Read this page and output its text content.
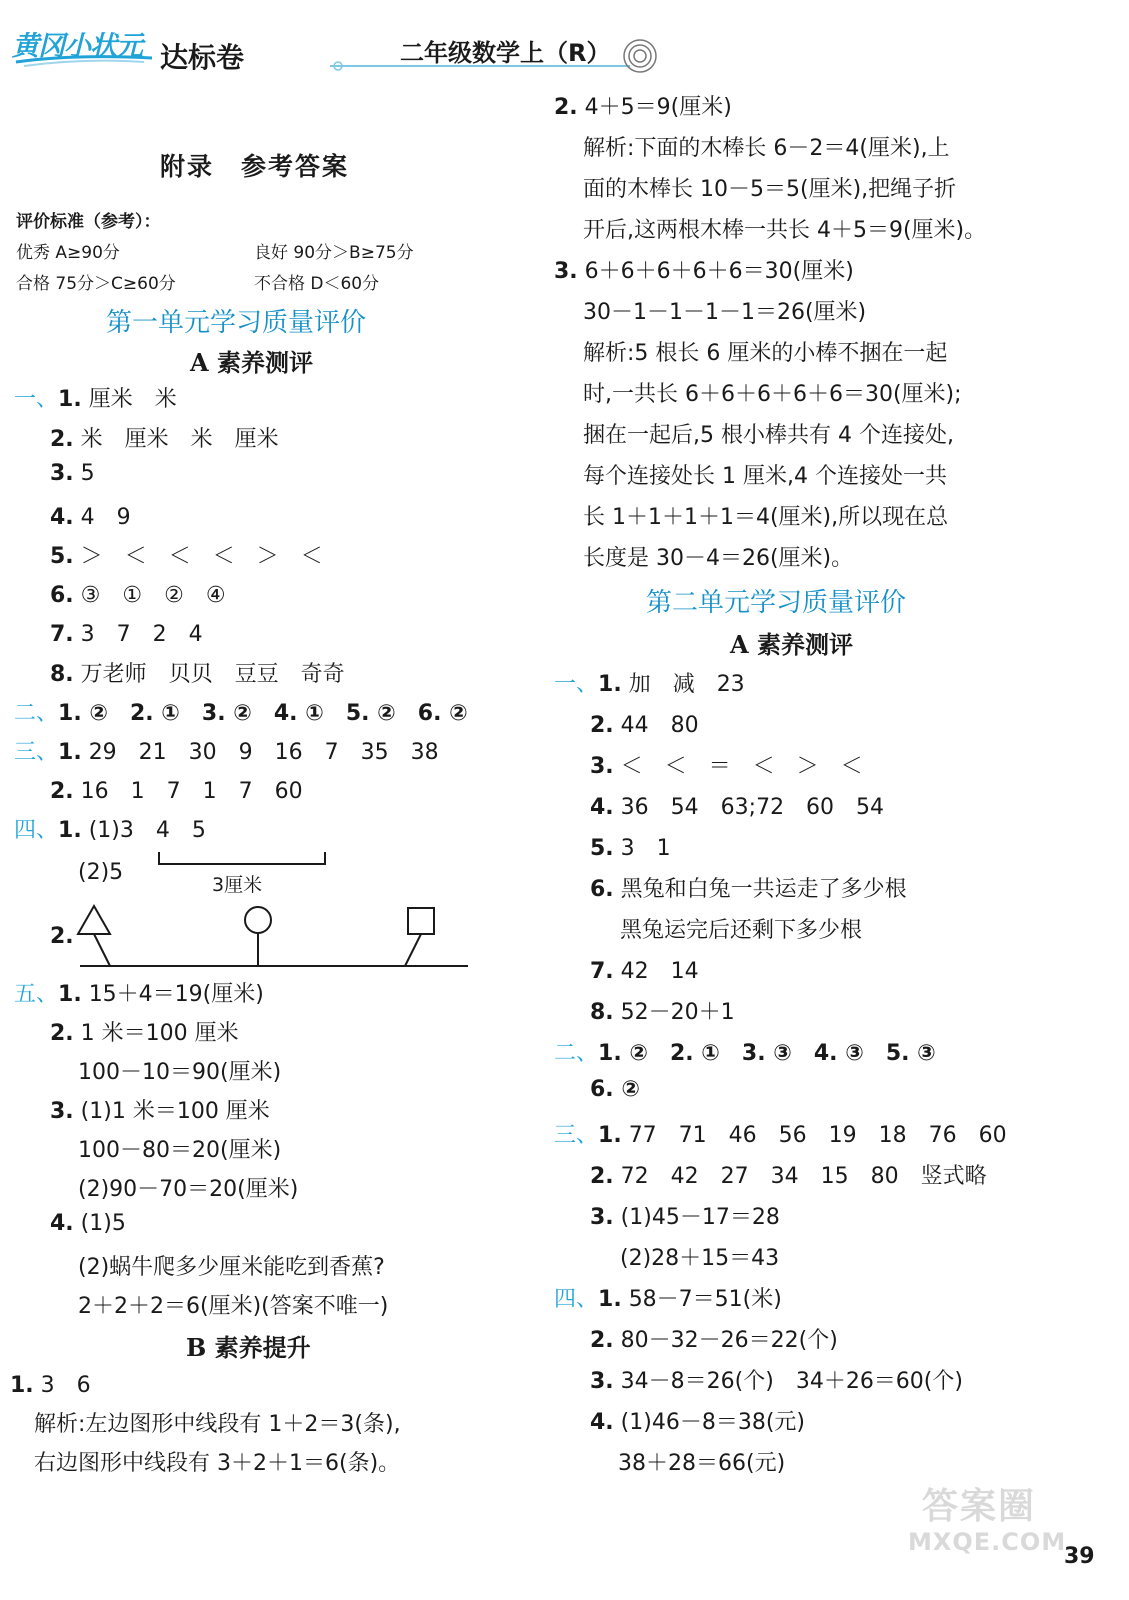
黄冈小状元 达标卷	二年级数学上（R）
附录　参考答案
评价标准（参考）：
优秀 A≥90分	良好 90分＞B≥75分
合格 75分＞C≥60分	不合格 D＜60分
第一单元学习质量评价
A 素养测评
一、1. 厘米　米
2. 米　厘米　米　厘米
3. 5
4. 4　9
5. ＞　＜　＜　＜　＞　＜
6. ③　①　②　④
7. 3　7　2　4
8. 万老师　贝贝　豆豆　奇奇
二、1. ②　2. ①　3. ②　4. ①　5. ②　6. ②
三、1. 29　21　30　9　16　7　35　38
2. 16　1　7　1　7　60
四、1. (1)3　4　5
(2)5	3厘米
2.
五、1. 15＋4＝19(厘米)
2. 1 米＝100 厘米
100－10＝90(厘米)
3. (1)1 米＝100 厘米
100－80＝20(厘米)
(2)90－70＝20(厘米)
4. (1)5
(2)蜗牛爬多少厘米能吃到香蕉?
2＋2＋2＝6(厘米)(答案不唯一)
B 素养提升
1. 3　6
解析:左边图形中线段有 1＋2＝3(条),
右边图形中线段有 3＋2＋1＝6(条)。
2. 4＋5＝9(厘米)
解析:下面的木棒长 6－2＝4(厘米),上
面的木棒长 10－5＝5(厘米),把绳子折
开后,这两根木棒一共长 4＋5＝9(厘米)。
3. 6＋6＋6＋6＋6＝30(厘米)
30－1－1－1－1＝26(厘米)
解析:5 根长 6 厘米的小棒不捆在一起
时,一共长 6＋6＋6＋6＋6＝30(厘米);
捆在一起后,5 根小棒共有 4 个连接处,
每个连接处长 1 厘米,4 个连接处一共
长 1＋1＋1＋1＝4(厘米),所以现在总
长度是 30－4＝26(厘米)。
第二单元学习质量评价
A 素养测评
一、1. 加　减　23
2. 44　80
3. ＜　＜　＝　＜　＞　＜
4. 36　54　63;72　60　54
5. 3　1
6. 黑兔和白兔一共运走了多少根
黑兔运完后还剩下多少根
7. 42　14
8. 52－20＋1
二、1. ②　2. ①　3. ③　4. ③　5. ③
6. ②
三、1. 77　71　46　56　19　18　76　60
2. 72　42　27　34　15　80　竖式略
3. (1)45－17＝28
(2)28＋15＝43
四、1. 58－7＝51(米)
2. 80－32－26＝22(个)
3. 34－8＝26(个)　34＋26＝60(个)
4. (1)46－8＝38(元)
38＋28＝66(元)
答案圈
MXQE.COM
39
